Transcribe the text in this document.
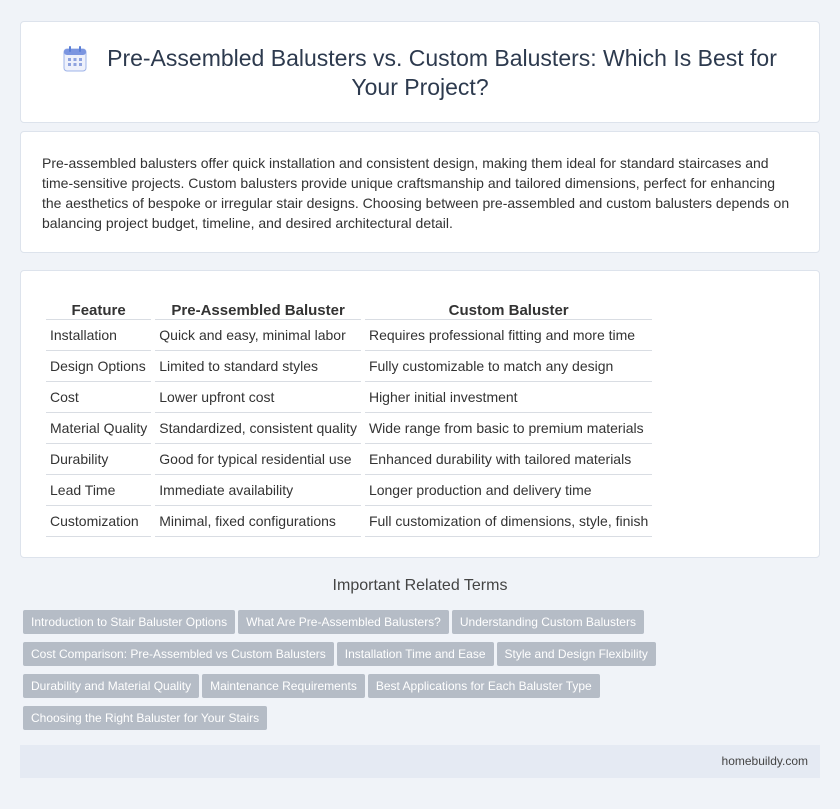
Pre-Assembled Balusters vs. Custom Balusters: Which Is Best for Your Project?

Pre-assembled balusters offer quick installation and consistent design, making them ideal for standard staircases and time-sensitive projects. Custom balusters provide unique craftsmanship and tailored dimensions, perfect for enhancing the aesthetics of bespoke or irregular stair designs. Choosing between pre-assembled and custom balusters depends on balancing project budget, timeline, and desired architectural detail.

Feature	Pre-Assembled Baluster	Custom Baluster
Installation	Quick and easy, minimal labor	Requires professional fitting and more time
Design Options	Limited to standard styles	Fully customizable to match any design
Cost	Lower upfront cost	Higher initial investment
Material Quality	Standardized, consistent quality	Wide range from basic to premium materials
Durability	Good for typical residential use	Enhanced durability with tailored materials
Lead Time	Immediate availability	Longer production and delivery time
Customization	Minimal, fixed configurations	Full customization of dimensions, style, finish
Important Related Terms
Introduction to Stair Baluster Options What Are Pre-Assembled Balusters? Understanding Custom Balusters
Cost Comparison: Pre-Assembled vs Custom Balusters Installation Time and Ease Style and Design Flexibility
Durability and Material Quality Maintenance Requirements Best Applications for Each Baluster Type
Choosing the Right Baluster for Your Stairs
homebuildy.com
